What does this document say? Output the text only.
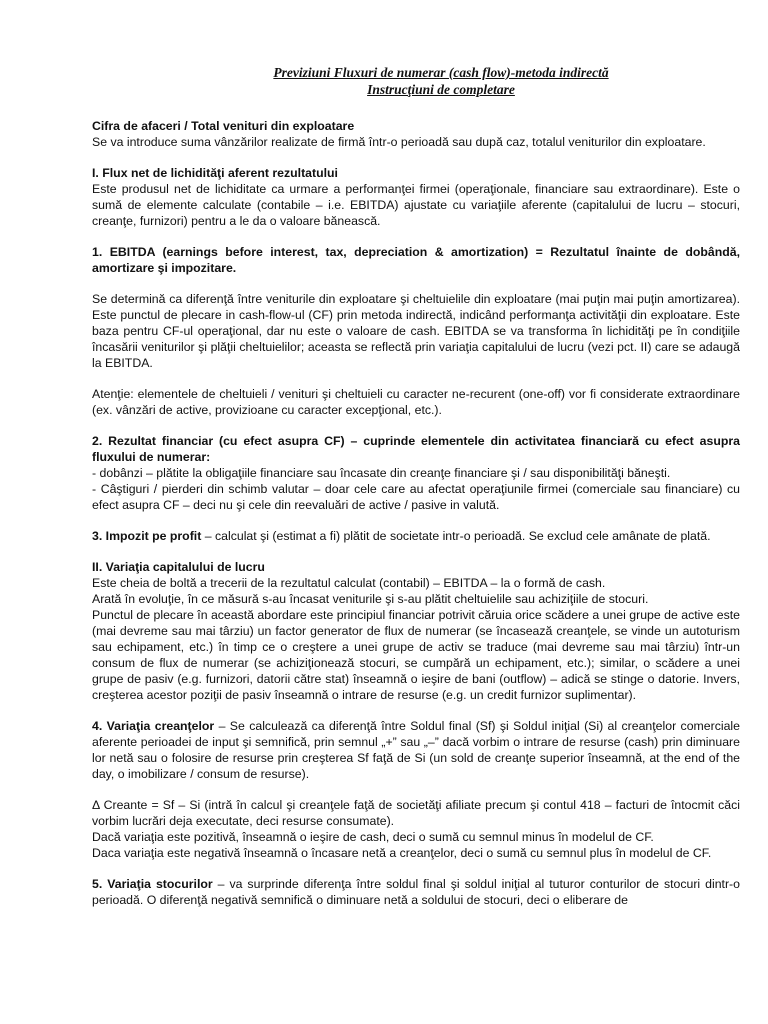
Previziuni Fluxuri de numerar (cash flow)-metoda indirectă
Instrucţiuni de completare

Cifra de afaceri / Total venituri din exploatare
Se va introduce suma vânzărilor realizate de firmă într-o perioadă sau după caz, totalul veniturilor din exploatare.

I. Flux net de lichidităţi aferent rezultatului
Este produsul net de lichiditate ca urmare a performanţei firmei (operaţionale, financiare sau extraordinare). Este o sumă de elemente calculate (contabile – i.e. EBITDA) ajustate cu variaţiile aferente (capitalului de lucru – stocuri, creanţe, furnizori) pentru a le da o valoare bănească.

1. EBITDA (earnings before interest, tax, depreciation & amortization) = Rezultatul înainte de dobândă, amortizare şi impozitare.

Se determină ca diferenţă între veniturile din exploatare şi cheltuielile din exploatare (mai puţin mai puţin amortizarea). Este punctul de plecare in cash-flow-ul (CF) prin metoda indirectă, indicând performanţa activităţii din exploatare. Este baza pentru CF-ul operaţional, dar nu este o valoare de cash. EBITDA se va transforma în lichidităţi pe în condiţiile încasării veniturilor şi plăţii cheltuielilor; aceasta se reflectă prin variaţia capitalului de lucru (vezi pct. II) care se adaugă la EBITDA.

Atenţie: elementele de cheltuieli / venituri şi cheltuieli cu caracter ne-recurent (one-off) vor fi considerate extraordinare (ex. vânzări de active, provizioane cu caracter excepţional, etc.).

2. Rezultat financiar (cu efect asupra CF) – cuprinde elementele din activitatea financiară cu efect asupra fluxului de numerar:
- dobânzi – plătite la obligaţiile financiare sau încasate din creanţe financiare şi / sau disponibilităţi băneşti.
- Câştiguri / pierderi din schimb valutar – doar cele care au afectat operaţiunile firmei (comerciale sau financiare) cu efect asupra CF – deci nu şi cele din reevaluări de active / pasive in valută.

3. Impozit pe profit – calculat şi (estimat a fi) plătit de societate intr-o perioadă. Se exclud cele amânate de plată.

II. Variaţia capitalului de lucru
Este cheia de boltă a trecerii de la rezultatul calculat (contabil) – EBITDA – la o formă de cash.
Arată în evoluţie, în ce măsură s-au încasat veniturile şi s-au plătit cheltuielile sau achiziţiile de stocuri.
Punctul de plecare în această abordare este principiul financiar potrivit căruia orice scădere a unei grupe de active este (mai devreme sau mai târziu) un factor generator de flux de numerar (se încasează creanţele, se vinde un autoturism sau echipament, etc.) în timp ce o creştere a unei grupe de activ se traduce (mai devreme sau mai târziu) într-un consum de flux de numerar (se achiziţionează stocuri, se cumpără un echipament, etc.); similar, o scădere a unei grupe de pasiv (e.g. furnizori, datorii către stat) înseamnă o ieşire de bani (outflow) – adică se stinge o datorie. Invers, creşterea acestor poziţii de pasiv înseamnă o intrare de resurse (e.g. un credit furnizor suplimentar).

4. Variaţia creanţelor – Se calculează ca diferenţă între Soldul final (Sf) şi Soldul iniţial (Si) al creanţelor comerciale aferente perioadei de input şi semnifică, prin semnul „+” sau „–” dacă vorbim o intrare de resurse (cash) prin diminuare lor netă sau o folosire de resurse prin creşterea Sf faţă de Si (un sold de creanţe superior înseamnă, at the end of the day, o imobilizare / consum de resurse).

Δ Creante = Sf – Si (intră în calcul şi creanţele faţă de societăţi afiliate precum şi contul 418 – facturi de întocmit căci vorbim lucrări deja executate, deci resurse consumate).
Dacă variaţia este pozitivă, înseamnă o ieşire de cash, deci o sumă cu semnul minus în modelul de CF.
Daca variaţia este negativă înseamnă o încasare netă a creanţelor, deci o sumă cu semnul plus în modelul de CF.

5. Variaţia stocurilor – va surprinde diferenţa între soldul final şi soldul iniţial al tuturor conturilor de stocuri dintr-o perioadă. O diferenţă negativă semnifică o diminuare netă a soldului de stocuri, deci o eliberare de
